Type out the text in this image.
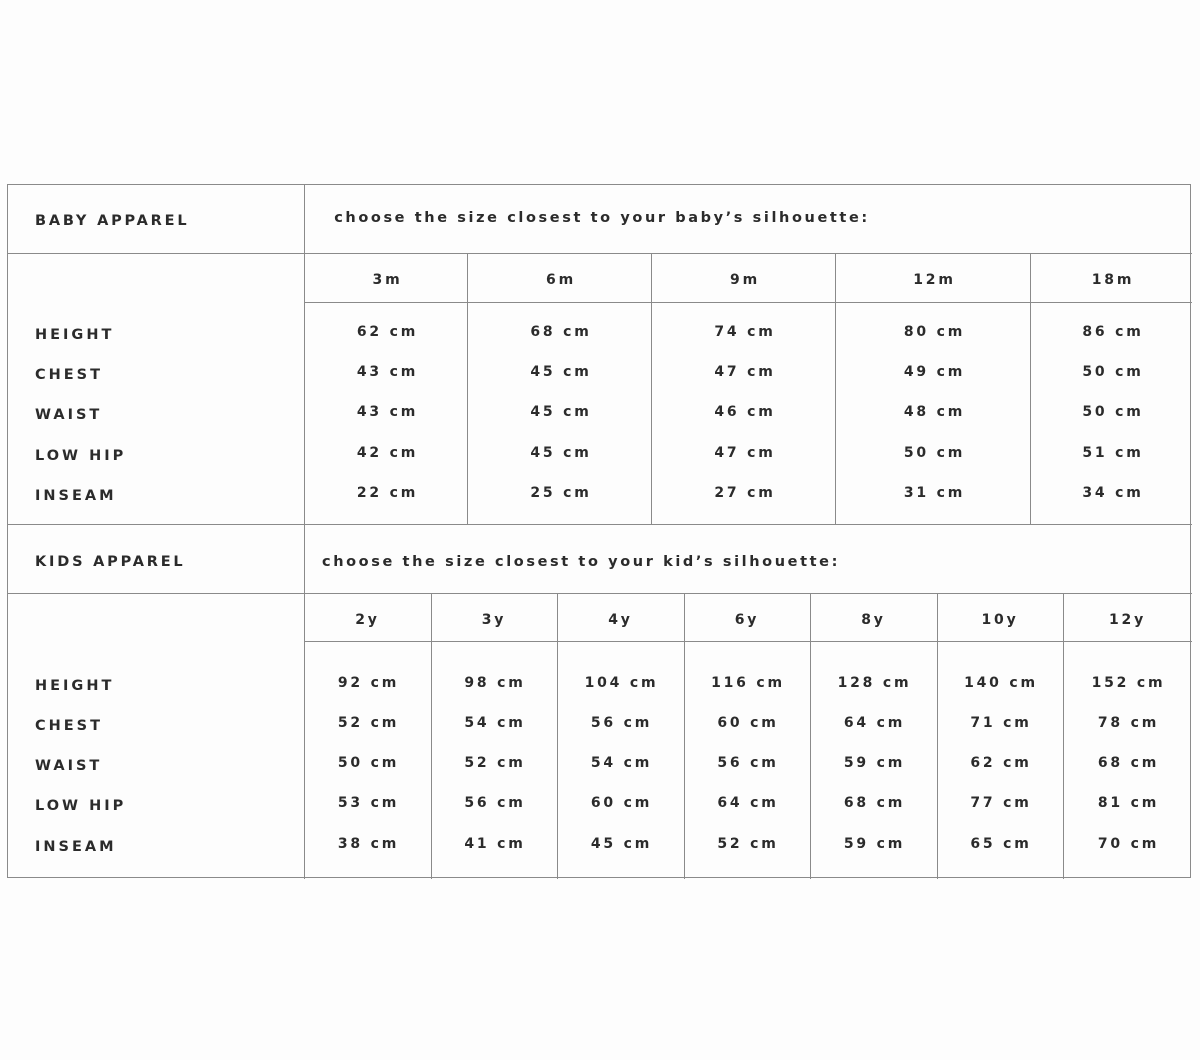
BABY APPAREL	choose the size closest to your baby’s silhouette:
3m	6m	9m	12m	18m
HEIGHT	62 cm	68 cm	74 cm	80 cm	86 cm
CHEST	43 cm	45 cm	47 cm	49 cm	50 cm
WAIST	43 cm	45 cm	46 cm	48 cm	50 cm
LOW HIP	42 cm	45 cm	47 cm	50 cm	51 cm
INSEAM	22 cm	25 cm	27 cm	31 cm	34 cm
KIDS APPAREL	choose the size closest to your kid’s silhouette:
2y	3y	4y	6y	8y	10y	12y
HEIGHT	92 cm	98 cm	104 cm	116 cm	128 cm	140 cm	152 cm
CHEST	52 cm	54 cm	56 cm	60 cm	64 cm	71 cm	78 cm
WAIST	50 cm	52 cm	54 cm	56 cm	59 cm	62 cm	68 cm
LOW HIP	53 cm	56 cm	60 cm	64 cm	68 cm	77 cm	81 cm
INSEAM	38 cm	41 cm	45 cm	52 cm	59 cm	65 cm	70 cm
